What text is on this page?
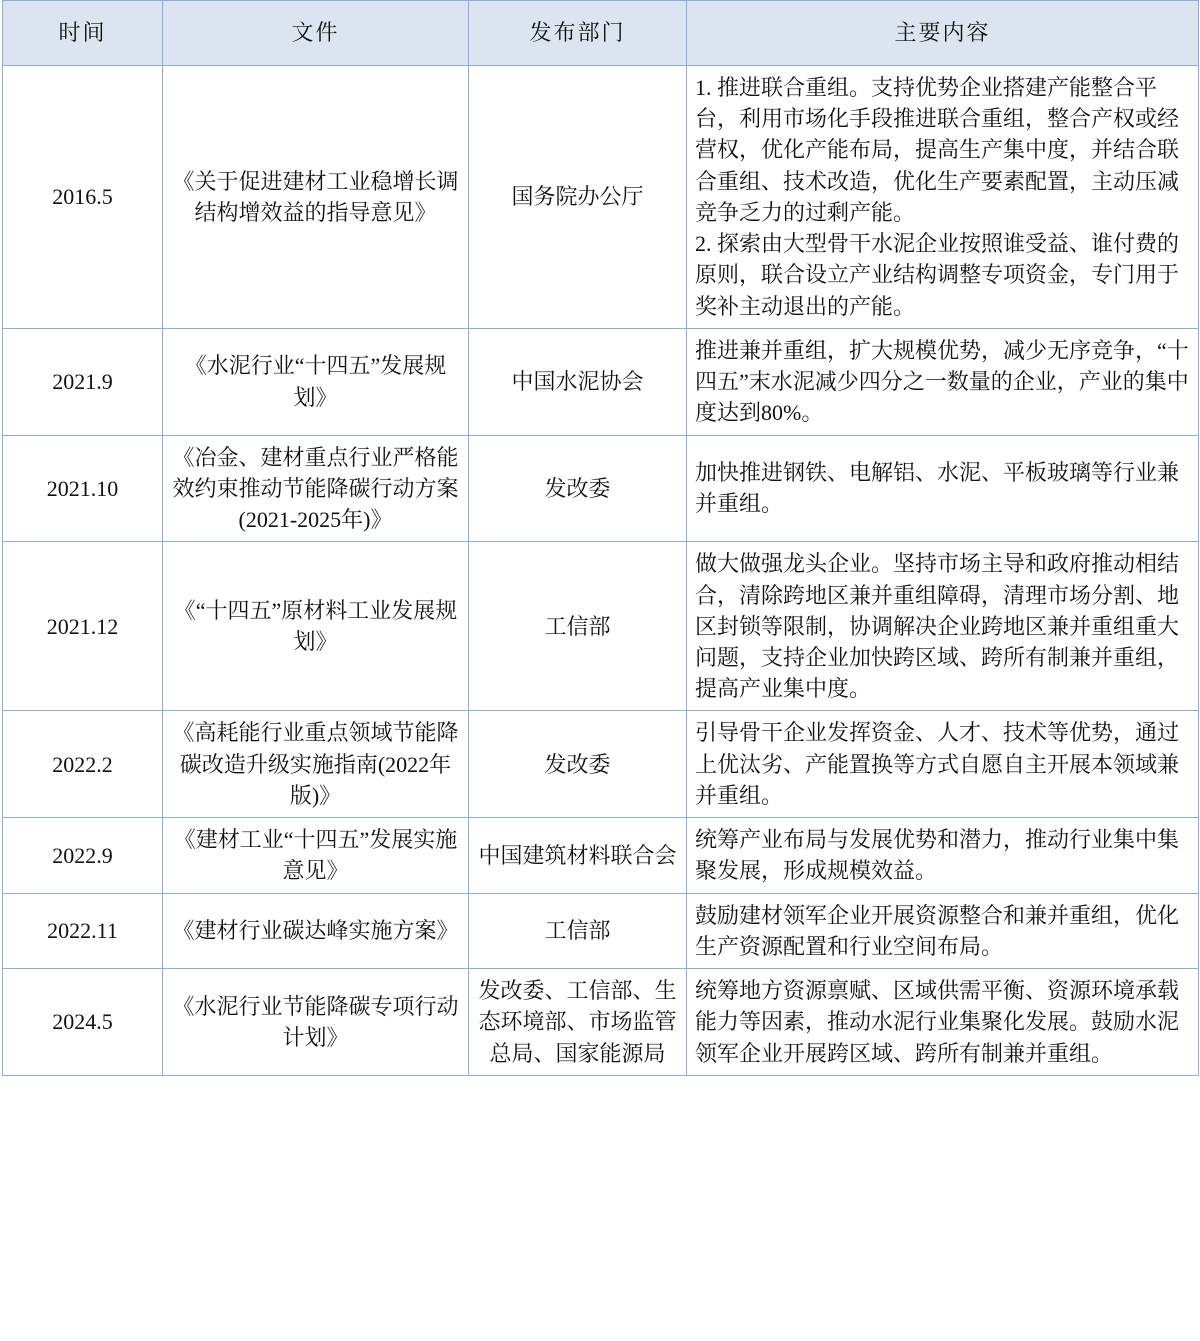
时间	文件	发布部门	主要内容
2016.5	《关于促进建材工业稳增长调结构增效益的指导意见》	国务院办公厅	1. 推进联合重组。支持优势企业搭建产能整合平台，利用市场化手段推进联合重组，整合产权或经营权，优化产能布局，提高生产集中度，并结合联合重组、技术改造，优化生产要素配置，主动压减竞争乏力的过剩产能。
2. 探索由大型骨干水泥企业按照谁受益、谁付费的原则，联合设立产业结构调整专项资金，专门用于奖补主动退出的产能。

2021.9	《水泥行业“十四五”发展规划》	中国水泥协会	推进兼并重组，扩大规模优势，减少无序竞争，“十四五”末水泥减少四分之一数量的企业，产业的集中度达到80%。
2021.10	《冶金、建材重点行业严格能效约束推动节能降碳行动方案(2021-2025年)》	发改委	加快推进钢铁、电解铝、水泥、平板玻璃等行业兼并重组。
2021.12	《“十四五”原材料工业发展规划》	工信部	做大做强龙头企业。坚持市场主导和政府推动相结合，清除跨地区兼并重组障碍，清理市场分割、地区封锁等限制，协调解决企业跨地区兼并重组重大问题，支持企业加快跨区域、跨所有制兼并重组，提高产业集中度。
2022.2	《高耗能行业重点领域节能降碳改造升级实施指南(2022年版)》	发改委	引导骨干企业发挥资金、人才、技术等优势，通过上优汰劣、产能置换等方式自愿自主开展本领域兼并重组。
2022.9	《建材工业“十四五”发展实施意见》	中国建筑材料联合会	统筹产业布局与发展优势和潜力，推动行业集中集聚发展，形成规模效益。
2022.11	《建材行业碳达峰实施方案》	工信部	鼓励建材领军企业开展资源整合和兼并重组，优化生产资源配置和行业空间布局。
2024.5	《水泥行业节能降碳专项行动计划》	发改委、工信部、生态环境部、市场监管总局、国家能源局	统筹地方资源禀赋、区域供需平衡、资源环境承载能力等因素，推动水泥行业集聚化发展。鼓励水泥领军企业开展跨区域、跨所有制兼并重组。
